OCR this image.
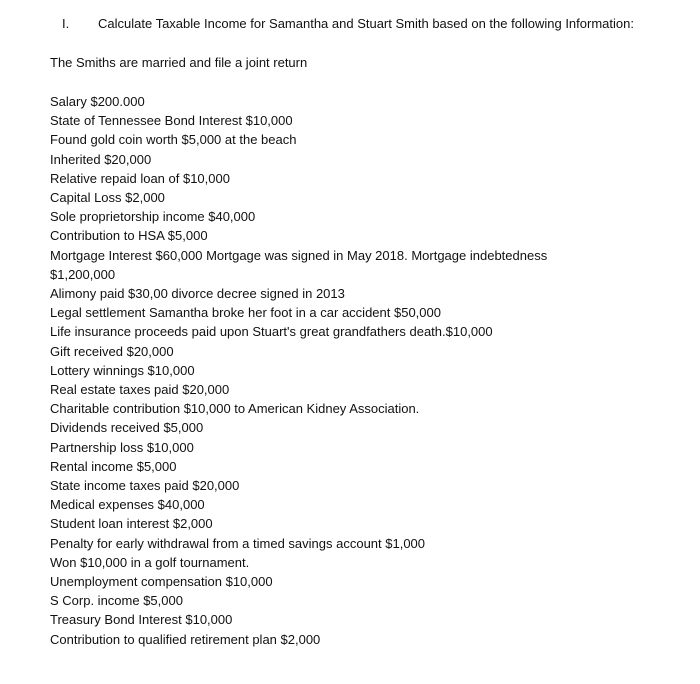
I. Calculate Taxable Income for Samantha and Stuart Smith based on the following Information:
The Smiths are married and file a joint return
Salary $200.000
State of Tennessee Bond Interest $10,000
Found gold coin worth $5,000 at the beach
Inherited $20,000
Relative repaid loan of $10,000
Capital Loss $2,000
Sole proprietorship income $40,000
Contribution to HSA $5,000
Mortgage Interest $60,000 Mortgage was signed in May 2018. Mortgage indebtedness $1,200,000
Alimony paid $30,00 divorce decree signed in 2013
Legal settlement Samantha broke her foot in a car accident $50,000
Life insurance proceeds paid upon Stuart's great grandfathers death.$10,000
Gift received $20,000
Lottery winnings $10,000
Real estate taxes paid $20,000
Charitable contribution $10,000 to American Kidney Association.
Dividends received $5,000
Partnership loss $10,000
Rental income $5,000
State income taxes paid $20,000
Medical expenses $40,000
Student loan interest $2,000
Penalty for early withdrawal from a timed savings account $1,000
Won $10,000 in a golf tournament.
Unemployment compensation $10,000
S Corp. income $5,000
Treasury Bond Interest $10,000
Contribution to qualified retirement plan $2,000
